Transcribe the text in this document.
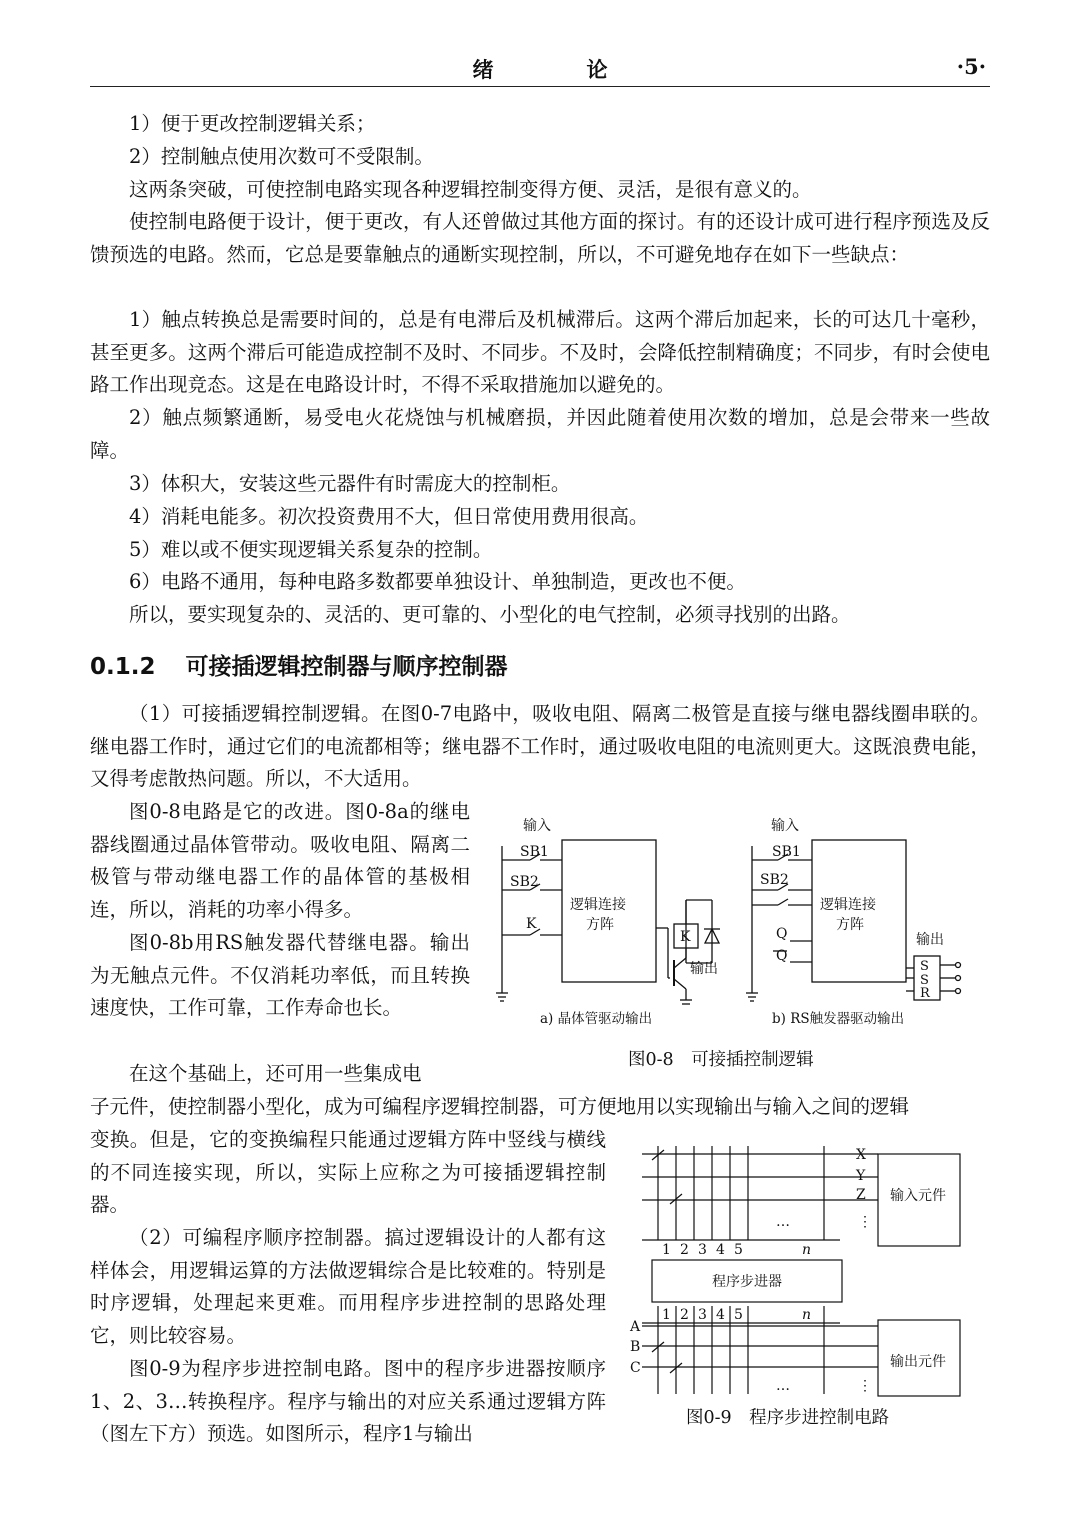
绪　论	·5·

1）便于更改控制逻辑关系；

2）控制触点使用次数可不受限制。

这两条突破，可使控制电路实现各种逻辑控制变得方便、灵活，是很有意义的。

使控制电路便于设计，便于更改，有人还曾做过其他方面的探讨。有的还设计成可进行程序预选及反馈预选的电路。然而，它总是要靠触点的通断实现控制，所以，不可避免地存在如下一些缺点：

1）触点转换总是需要时间的，总是有电滞后及机械滞后。这两个滞后加起来，长的可达几十毫秒，甚至更多。这两个滞后可能造成控制不及时、不同步。不及时，会降低控制精确度；不同步，有时会使电路工作出现竞态。这是在电路设计时，不得不采取措施加以避免的。

2）触点频繁通断，易受电火花烧蚀与机械磨损，并因此随着使用次数的增加，总是会带来一些故障。

3）体积大，安装这些元器件有时需庞大的控制柜。

4）消耗电能多。初次投资费用不大，但日常使用费用很高。

5）难以或不便实现逻辑关系复杂的控制。

6）电路不通用，每种电路多数都要单独设计、单独制造，更改也不便。

所以，要实现复杂的、灵活的、更可靠的、小型化的电气控制，必须寻找别的出路。

0.1.2 可接插逻辑控制器与顺序控制器

（1）可接插逻辑控制逻辑。在图0-7电路中，吸收电阻、隔离二极管是直接与继电器线圈串联的。继电器工作时，通过它们的电流都相等；继电器不工作时，通过吸收电阻的电流则更大。这既浪费电能，又得考虑散热问题。所以，不大适用。

图0-8电路是它的改进。图0-8a的继电器线圈通过晶体管带动。吸收电阻、隔离二极管与带动继电器工作的晶体管的基极相连，所以，消耗的功率小得多。

图0-8b用RS触发器代替继电器。输出为无触点元件。不仅消耗功率低，而且转换速度快，工作可靠，工作寿命也长。

在这个基础上，还可用一些集成电

子元件，使控制器小型化，成为可编程序逻辑控制器，可方便地用以实现输出与输入之间的逻辑

变换。但是，它的变换编程只能通过逻辑方阵中竖线与横线的不同连接实现，所以，实际上应称之为可接插逻辑控制器。

（2）可编程序顺序控制器。搞过逻辑设计的人都有这样体会，用逻辑运算的方法做逻辑综合是比较难的。特别是时序逻辑，处理起来更难。而用程序步进控制的思路处理它，则比较容易。

图0-9为程序步进控制电路。图中的程序步进器按顺序1、2、3…转换程序。程序与输出的对应关系通过逻辑方阵（图左下方）预选。如图所示，程序1与输出

输入
SB1
SB2
K
逻辑连接
方阵
K
输出
a) 晶体管驱动输出
输入
SB1
SB2
逻辑连接
方阵
Q
Q
输出
S
S
R
b) RS触发器驱动输出
图0-8　可接插控制逻辑
X
Y
Z
⋮
…
输入元件
1 2 3 4 5	n
程序步进器
1 2 3 4 5	n
A
B
C
…	⋮
输出元件
图0-9　程序步进控制电路
